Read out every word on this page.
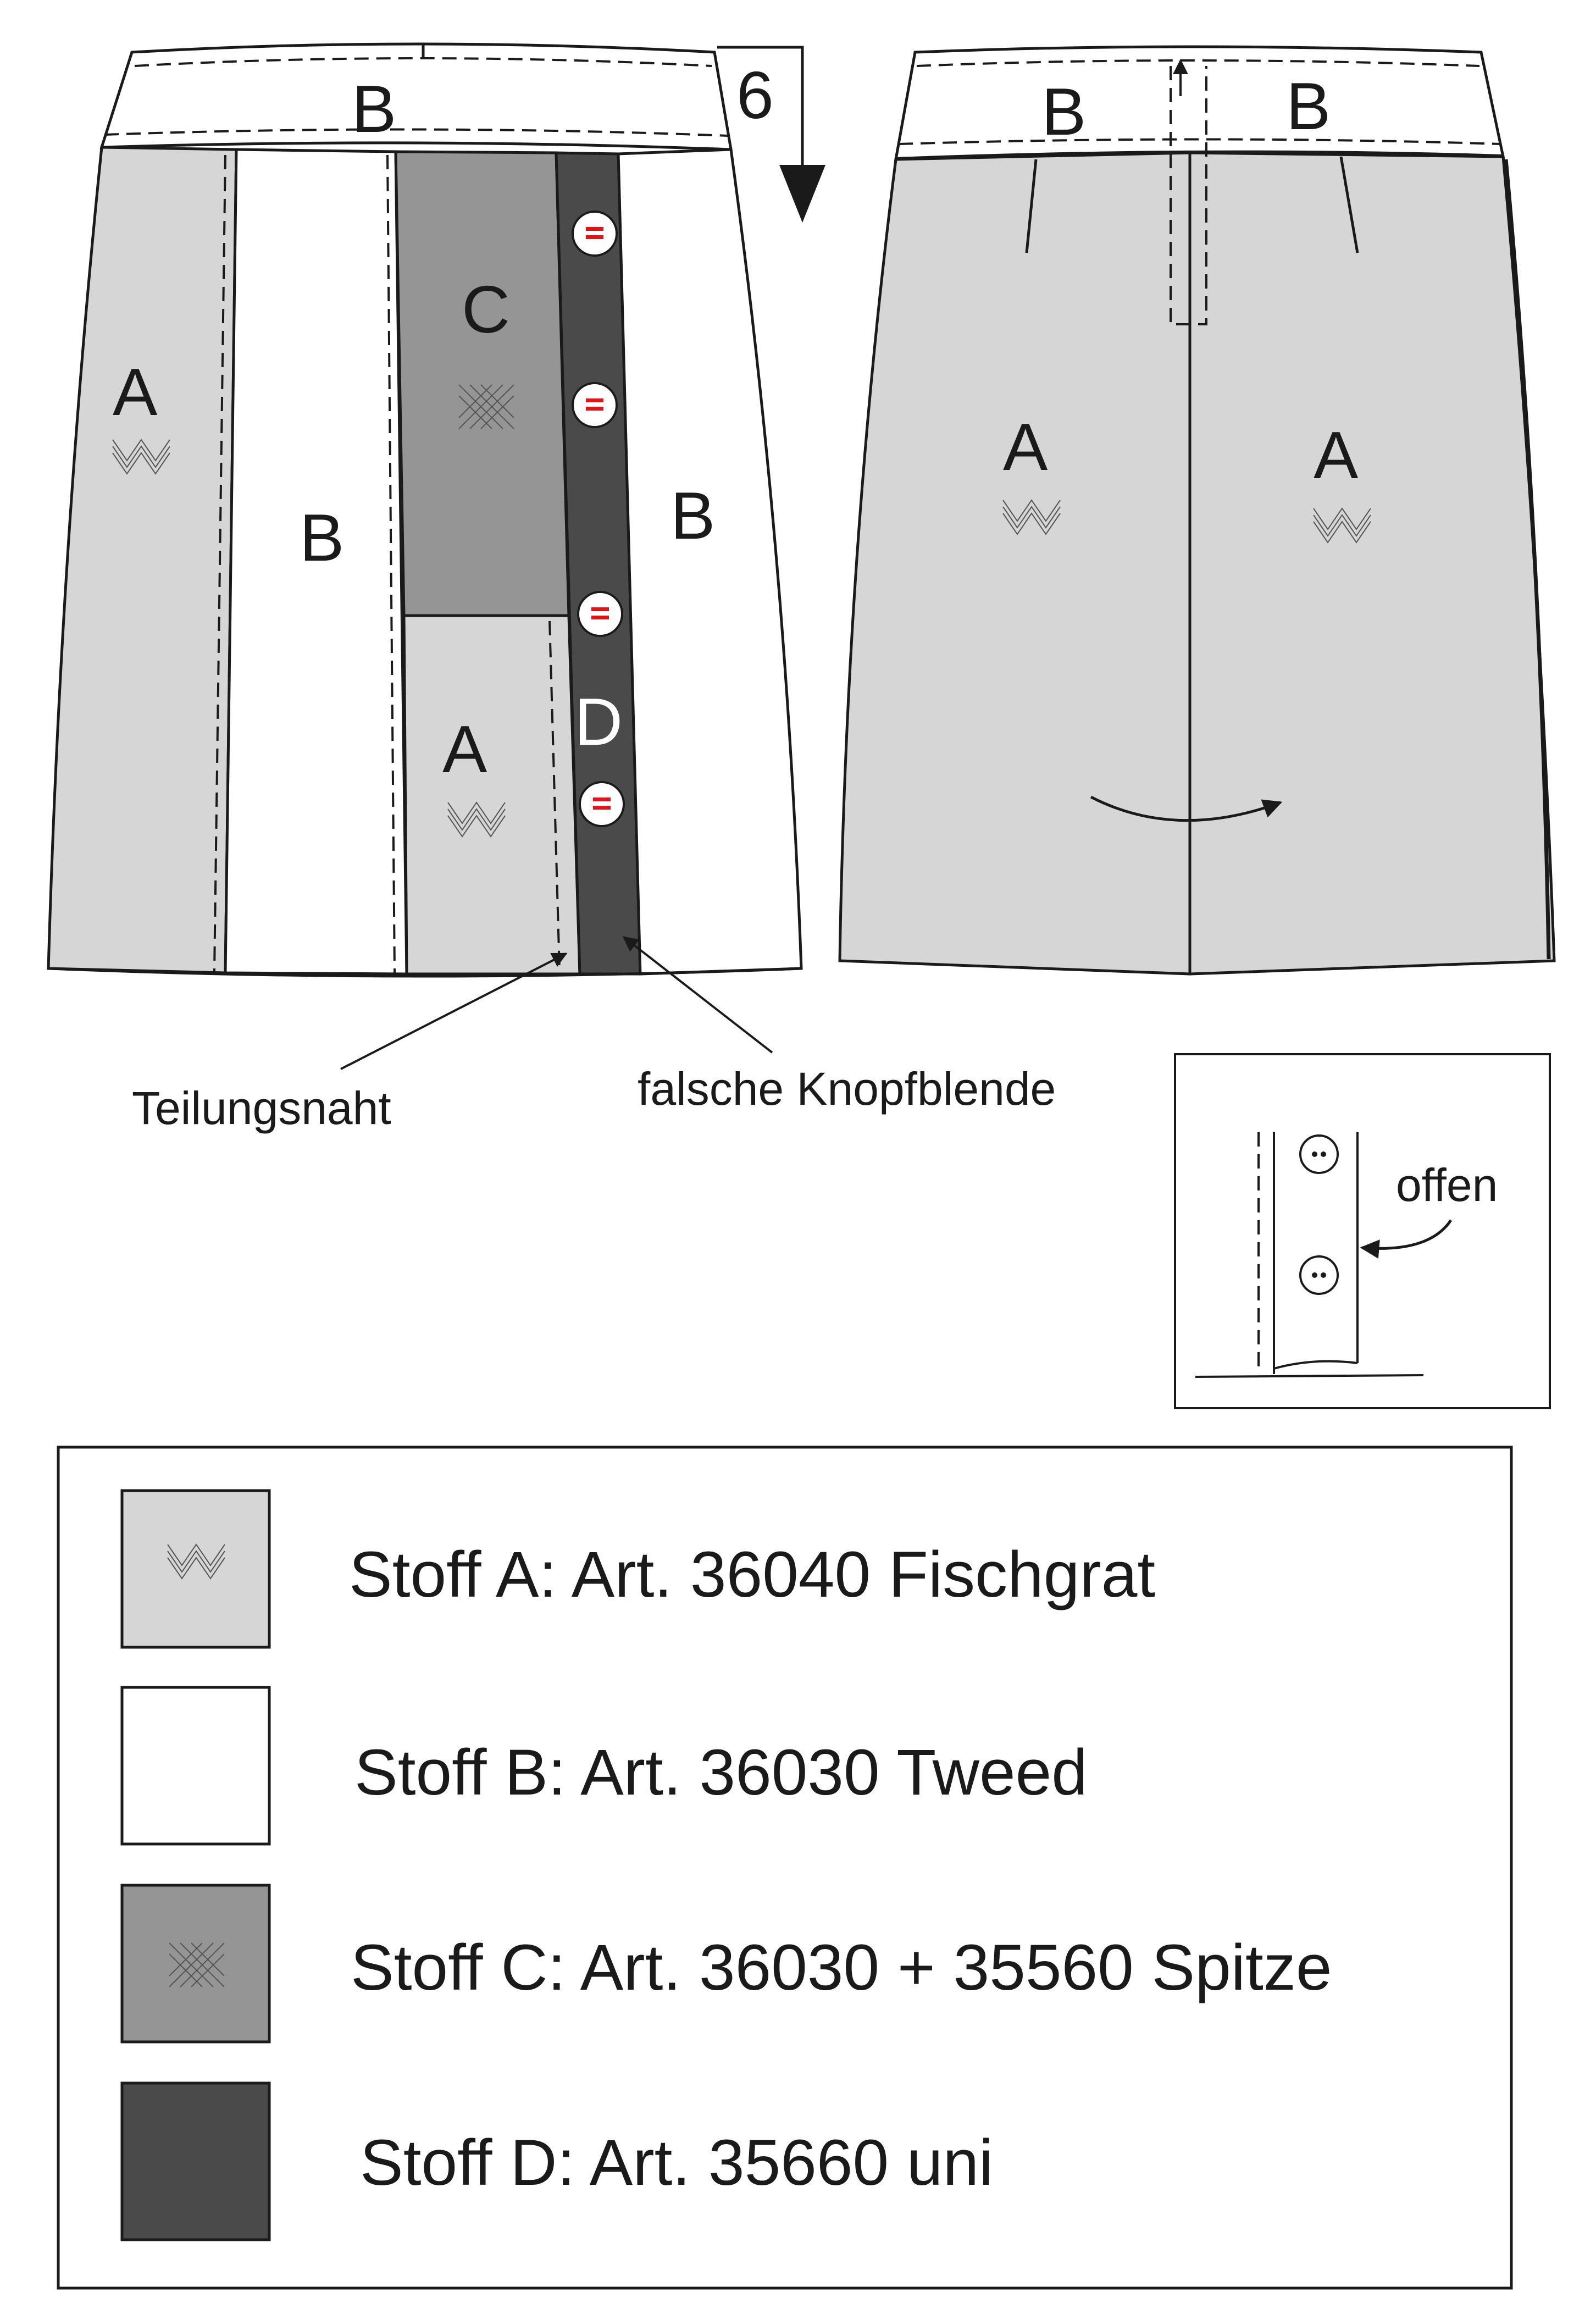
B	6
A
B
C
A D
B
Teilungsnaht	falsche Knopfblende
B	B
A	A
offen
Stoff A: Art. 36040 Fischgrat
Stoff B: Art. 36030 Tweed
Stoff C: Art. 36030 + 35560 Spitze
Stoff D: Art. 35660 uni
